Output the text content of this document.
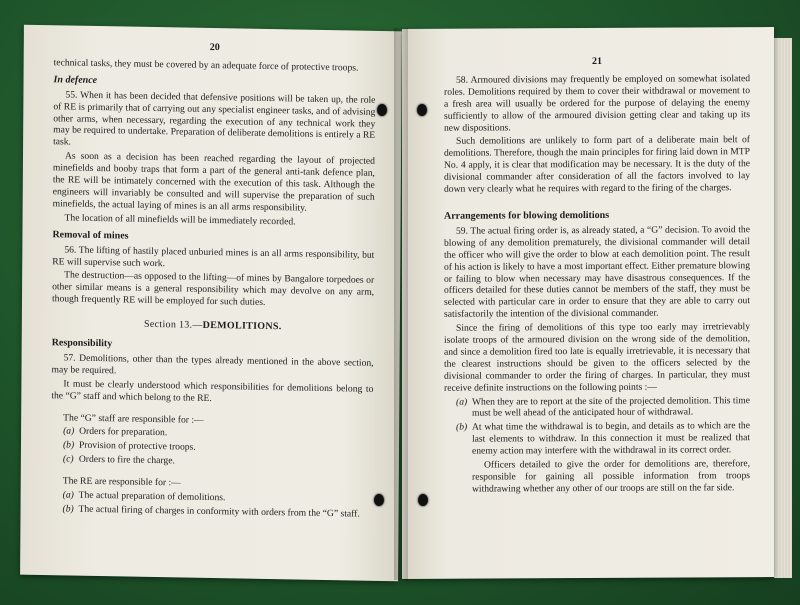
20

technical tasks, they must be covered by an adequate force of protective troops.

In defence

55. When it has been decided that defensive positions will be taken up, the role of RE is primarily that of carrying out any specialist engineer tasks, and of advising other arms, when necessary, regarding the execution of any technical work they may be required to undertake. Preparation of deliberate demolitions is entirely a RE task.

As soon as a decision has been reached regarding the layout of projected minefields and booby traps that form a part of the general anti-tank defence plan, the RE will be intimately concerned with the execution of this task. Although the engineers will invariably be consulted and will supervise the preparation of such minefields, the actual laying of mines is an all arms responsibility.

The location of all minefields will be immediately recorded.

Removal of mines

56. The lifting of hastily placed unburied mines is an all arms responsibility, but RE will supervise such work.

The destruction—as opposed to the lifting—of mines by Bangalore torpedoes or other similar means is a general responsibility which may devolve on any arm, though frequently RE will be employed for such duties.

Section 13.—DEMOLITIONS.
Responsibility

57. Demolitions, other than the types already mentioned in the above section, may be required.

It must be clearly understood which responsibilities for demolitions belong to the “G” staff and which belong to the RE.

The “G” staff are responsible for :—

(a) Orders for preparation.
(b) Provision of protective troops.
(c) Orders to fire the charge.

The RE are responsible for :—

(a) The actual preparation of demolitions.
(b) The actual firing of charges in conformity with orders from the “G” staff.
21

58. Armoured divisions may frequently be employed on somewhat isolated roles. Demolitions required by them to cover their withdrawal or movement to a fresh area will usually be ordered for the purpose of delaying the enemy sufficiently to allow of the armoured division getting clear and taking up its new dispositions.

Such demolitions are unlikely to form part of a deliberate main belt of demolitions. Therefore, though the main principles for firing laid down in MTP No. 4 apply, it is clear that modification may be necessary. It is the duty of the divisional commander after consideration of all the factors involved to lay down very clearly what he requires with regard to the firing of the charges.

Arrangements for blowing demolitions

59. The actual firing order is, as already stated, a “G” decision. To avoid the blowing of any demolition prematurely, the divisional commander will detail the officer who will give the order to blow at each demolition point. The result of his action is likely to have a most important effect. Either premature blowing or failing to blow when necessary may have disastrous consequences. If the officers detailed for these duties cannot be members of the staff, they must be selected with particular care in order to ensure that they are able to carry out satisfactorily the intention of the divisional commander.

Since the firing of demolitions of this type too early may irretrievably isolate troops of the armoured division on the wrong side of the demolition, and since a demolition fired too late is equally irretrievable, it is necessary that the clearest instructions should be given to the officers selected by the divisional commander to order the firing of charges. In particular, they must receive definite instructions on the following points :—

(a) When they are to report at the site of the projected demolition. This time must be well ahead of the anticipated hour of withdrawal.
(b) At what time the withdrawal is to begin, and details as to which are the last elements to withdraw. In this connection it must be realized that enemy action may interfere with the withdrawal in its correct order.

Officers detailed to give the order for demolitions are, therefore, responsible for gaining all possible information from troops withdrawing whether any other of our troops are still on the far side.
